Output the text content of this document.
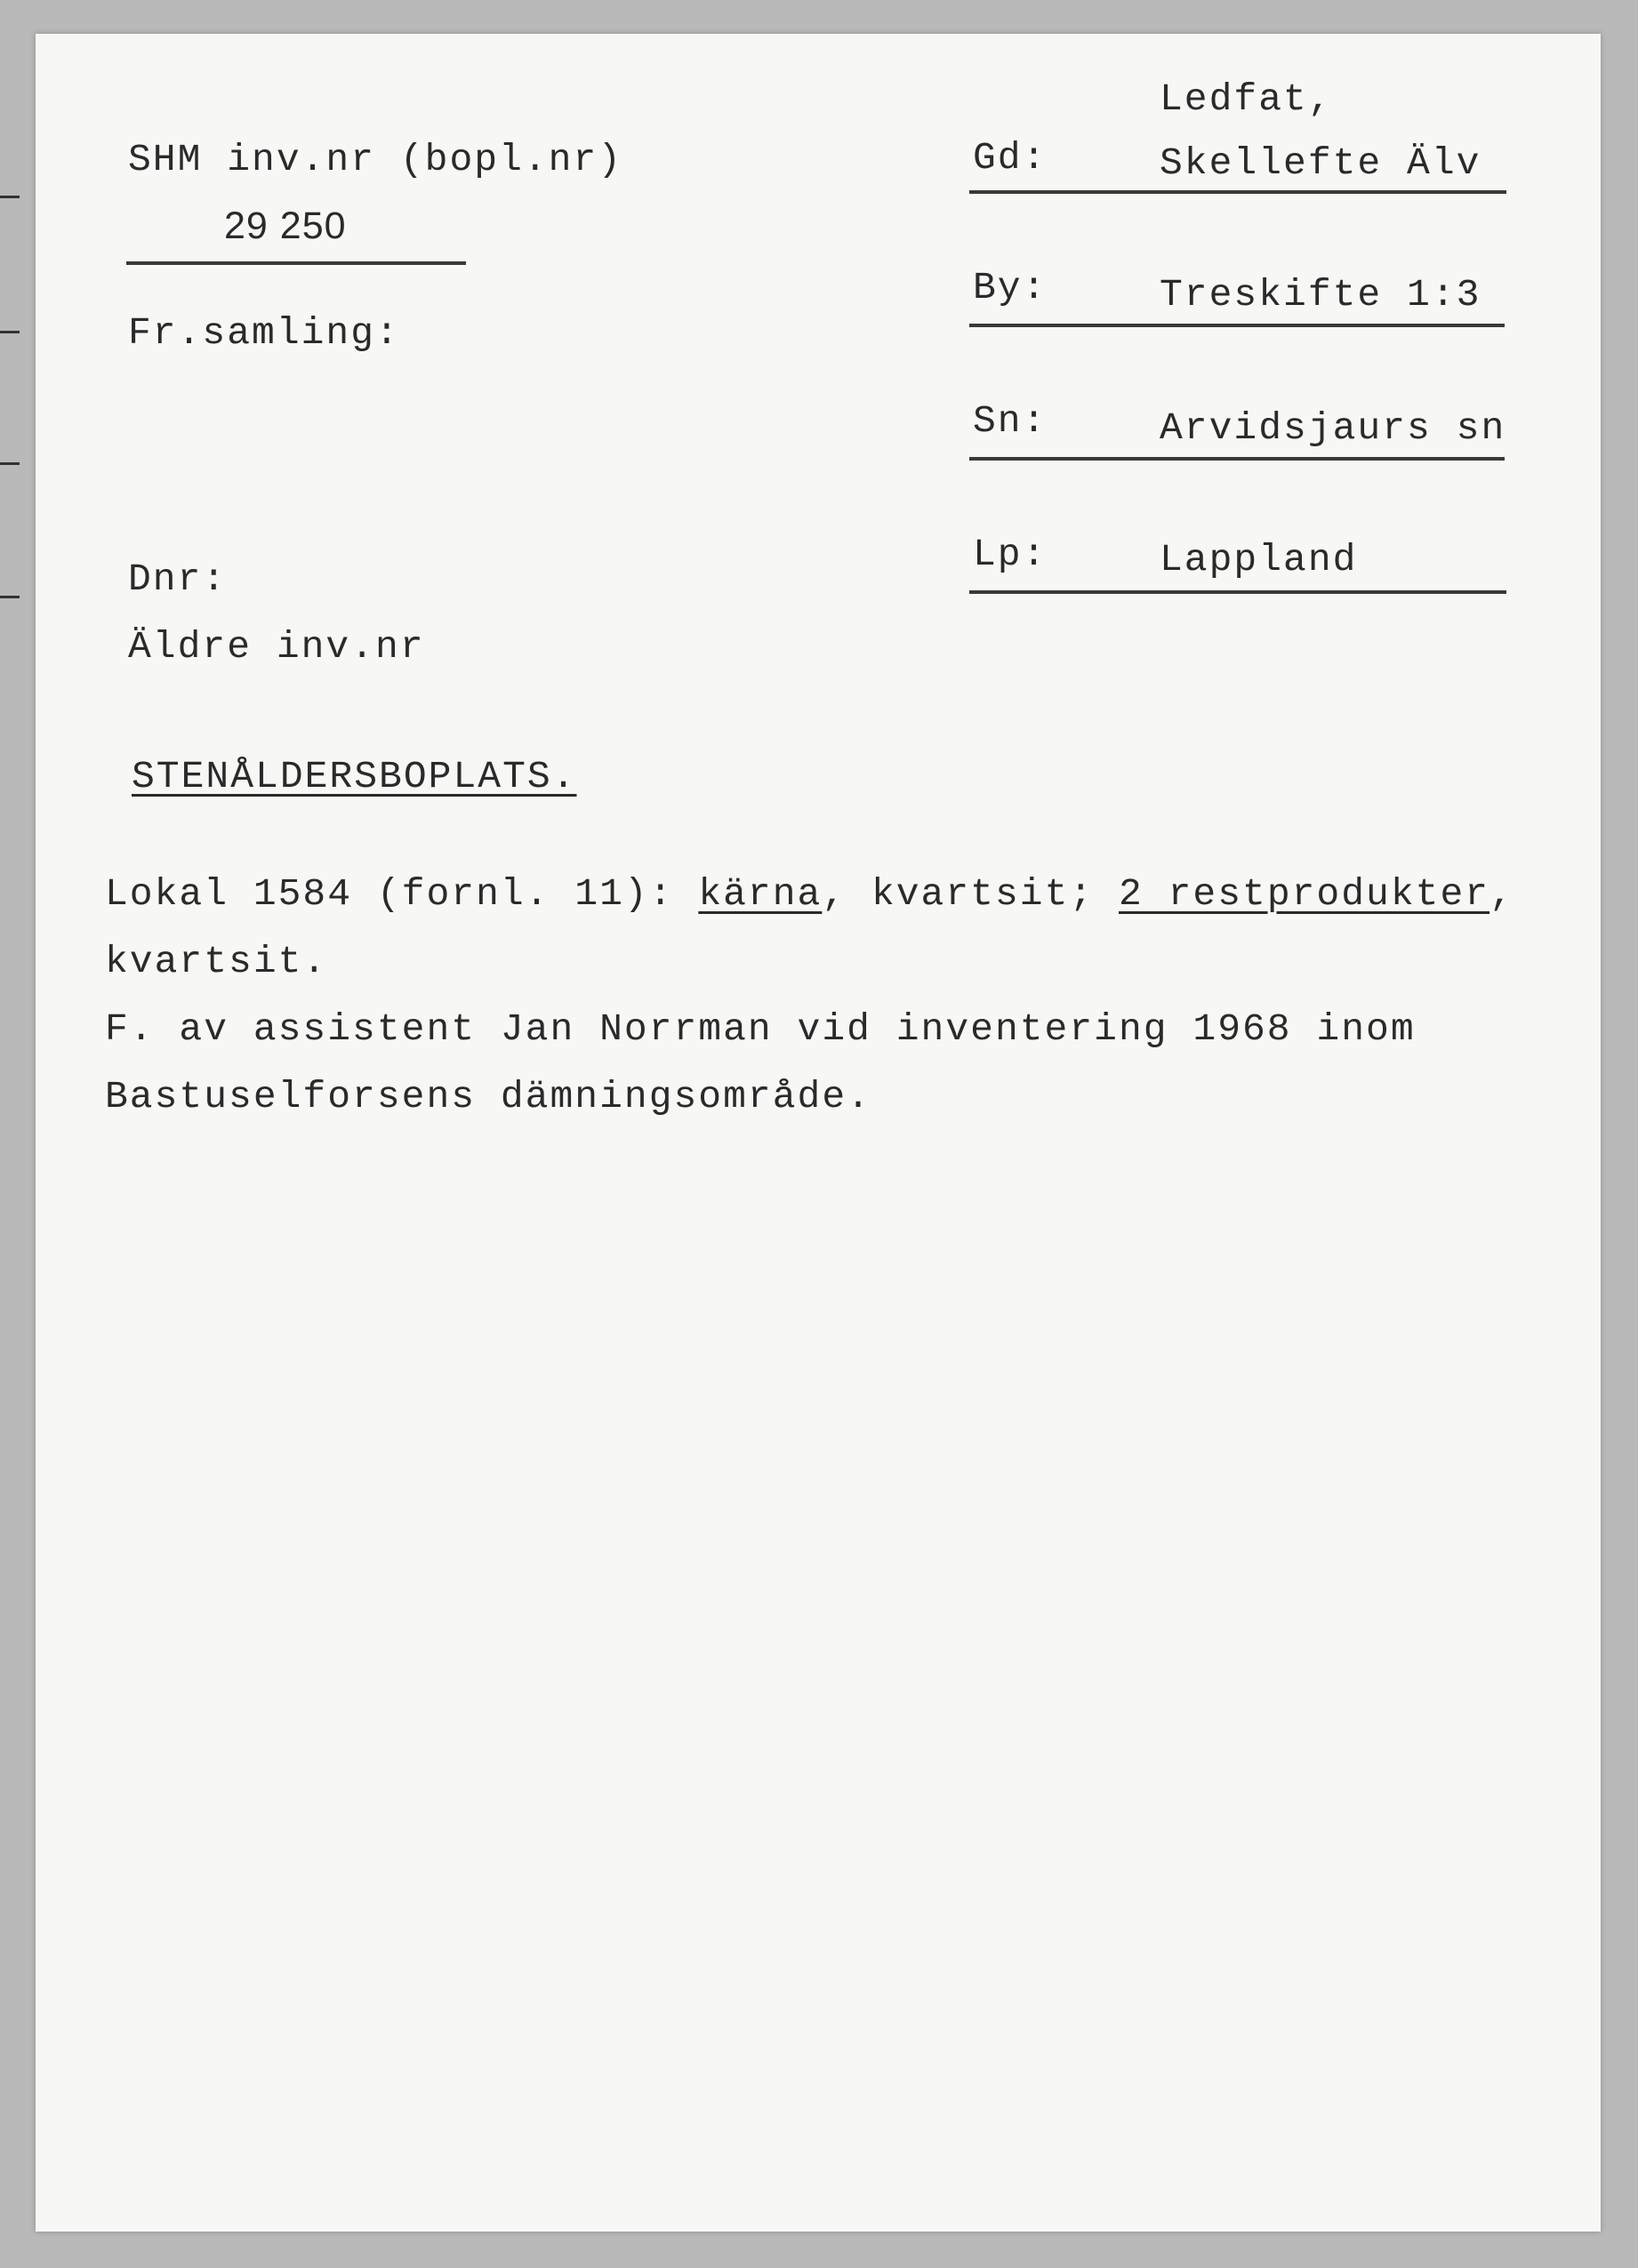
SHM inv.nr (bopl.nr)
29 250
Fr.samling:
Dnr:
Äldre inv.nr
Ledfat,
Gd:	Skellefte Älv
By:	Treskifte 1:3
Sn:	Arvidsjaurs sn
Lp:	Lappland
STENÅLDERSBOPLATS.
Lokal 1584 (fornl. 11): kärna, kvartsit; 2 restprodukter,
kvartsit.
F. av assistent Jan Norrman vid inventering 1968 inom
Bastuselforsens dämningsområde.
